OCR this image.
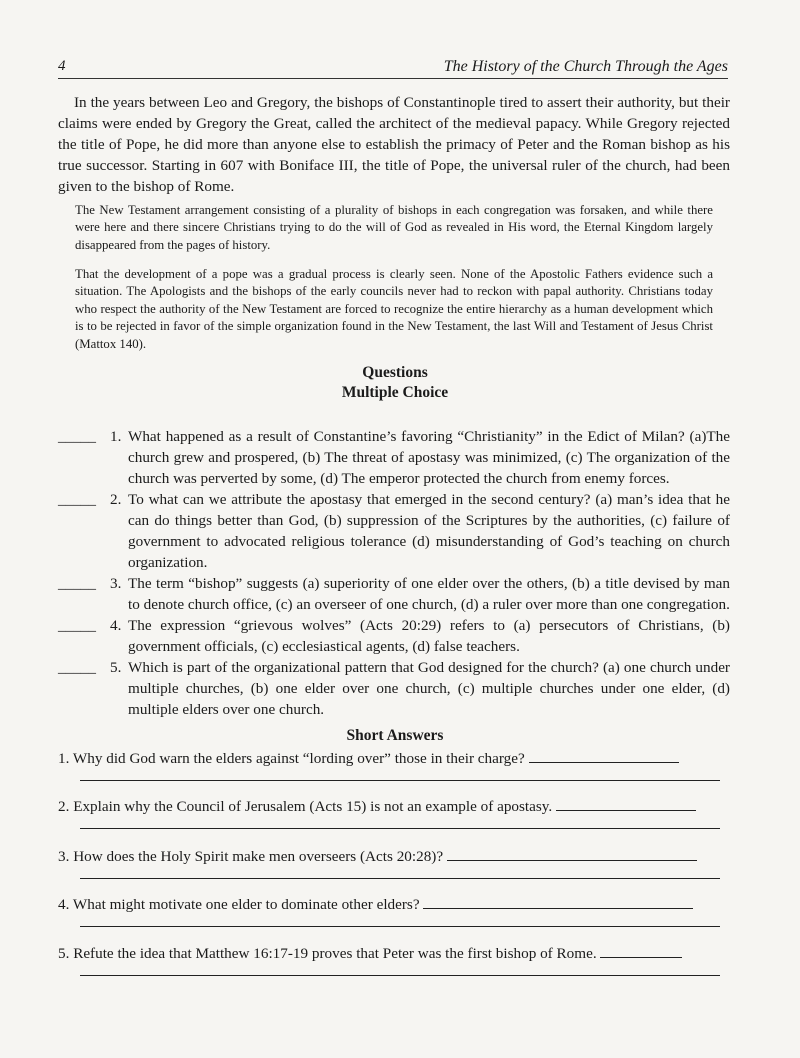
4	The History of the Church Through the Ages

In the years between Leo and Gregory, the bishops of Constantinople tired to assert their authority, but their claims were ended by Gregory the Great, called the architect of the medieval papacy. While Gregory rejected the title of Pope, he did more than anyone else to establish the primacy of Peter and the Roman bishop as his true successor. Starting in 607 with Boniface III, the title of Pope, the universal ruler of the church, had been given to the bishop of Rome.

The New Testament arrangement consisting of a plurality of bishops in each congregation was forsaken, and while there were here and there sincere Christians trying to do the will of God as revealed in His word, the Eternal Kingdom largely disappeared from the pages of history.

That the development of a pope was a gradual process is clearly seen. None of the Apostolic Fathers evidence such a situation. The Apologists and the bishops of the early councils never had to reckon with papal authority. Christians today who respect the authority of the New Testament are forced to recognize the entire hierarchy as a human development which is to be rejected in favor of the simple organization found in the New Testament, the last Will and Testament of Jesus Christ (Mattox 140).

Questions
Multiple Choice
_____ 1. What happened as a result of Constantine’s favoring “Christianity” in the Edict of Milan? (a)The church grew and prospered, (b) The threat of apostasy was minimized, (c) The organization of the church was perverted by some, (d) The emperor protected the church from enemy forces.

_____ 2. To what can we attribute the apostasy that emerged in the second century? (a) man’s idea that he can do things better than God, (b) suppression of the Scriptures by the authorities, (c) failure of government to advocated religious tolerance (d) misunderstanding of God’s teaching on church organization.

_____ 3. The term “bishop” suggests (a) superiority of one elder over the others, (b) a title devised by man to denote church office, (c) an overseer of one church, (d) a ruler over more than one congregation.

_____ 4. The expression “grievous wolves” (Acts 20:29) refers to (a) persecutors of Christians, (b) government officials, (c) ecclesiastical agents, (d) false teachers.

_____ 5. Which is part of the organizational pattern that God designed for the church? (a) one church under multiple churches, (b) one elder over one church, (c) multiple churches under one elder, (d) multiple elders over one church.

Short Answers
1. Why did God warn the elders against “lording over” those in their charge?
2. Explain why the Council of Jerusalem (Acts 15) is not an example of apostasy.
3. How does the Holy Spirit make men overseers (Acts 20:28)?
4. What might motivate one elder to dominate other elders?
5. Refute the idea that Matthew 16:17-19 proves that Peter was the first bishop of Rome.
